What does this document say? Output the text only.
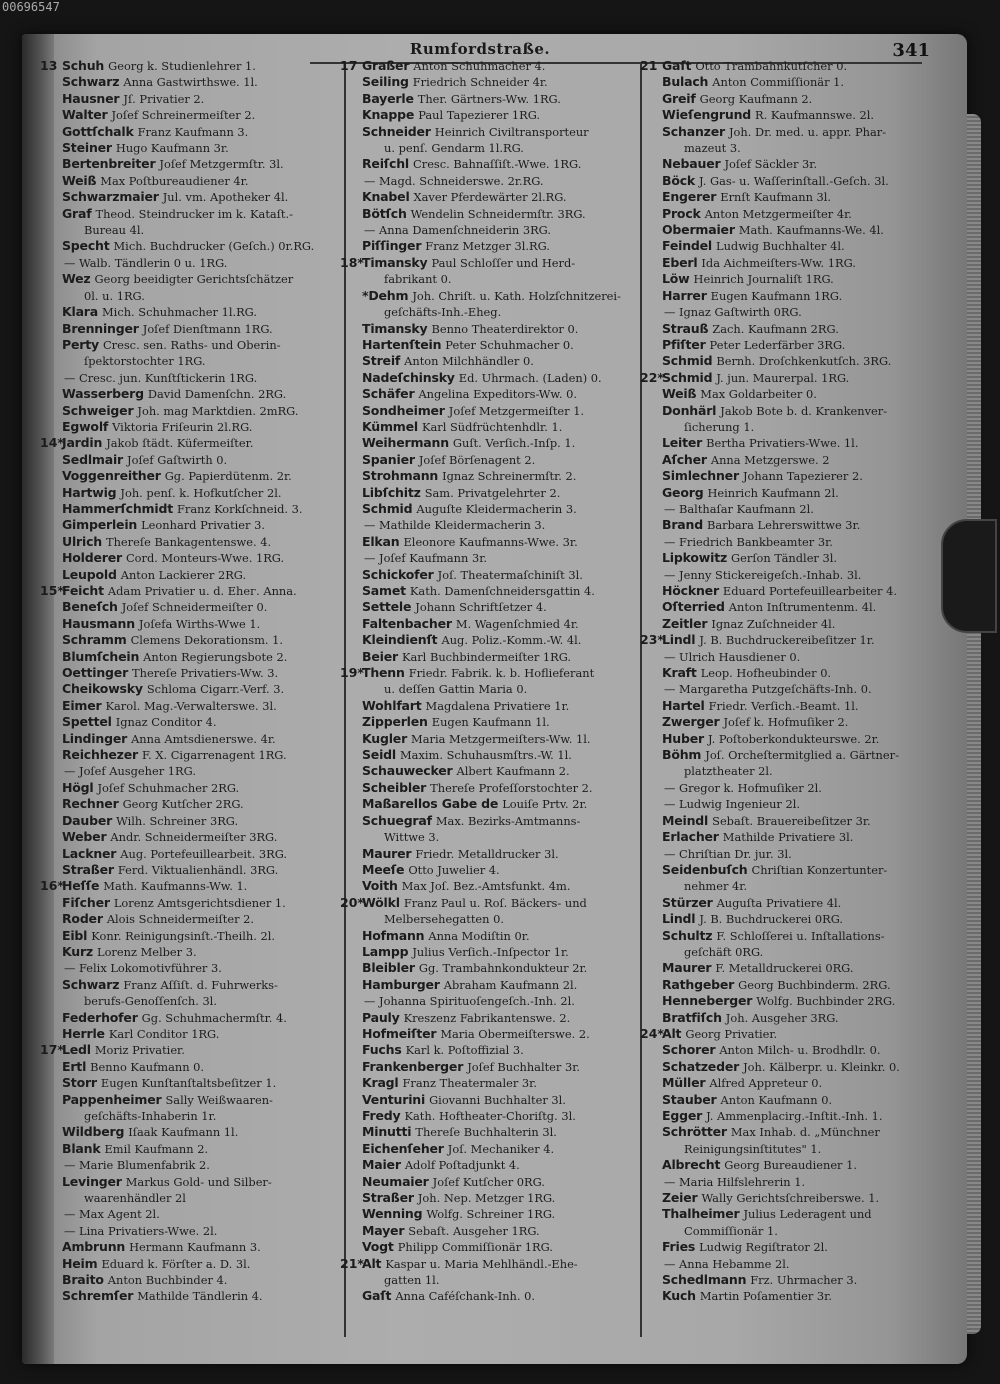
00696547
Rumfordstraße.	341
13 Schuh Georg k. Studienlehrer 1.
Schwarz Anna Gastwirthswe. 1l.
Hausner Jſ. Privatier 2.
Walter Joſef Schreinermeiſter 2.
Gottſchalk Franz Kaufmann 3.
Steiner Hugo Kaufmann 3r.
Bertenbreiter Joſef Metzgermſtr. 3l.
Weiß Max Poſtbureaudiener 4r.
Schwarzmaier Jul. vm. Apotheker 4l.
Graf Theod. Steindrucker im k. Kataſt.-
Bureau 4l.
Specht Mich. Buchdrucker (Geſch.) 0r.RG.
— Walb. Tändlerin 0 u. 1RG.
Wez Georg beeidigter Gerichtsſchätzer
0l. u. 1RG.
Klara Mich. Schuhmacher 1l.RG.
Brenninger Joſef Dienſtmann 1RG.
Perty Cresc. sen. Raths- und Oberin-
ſpektorstochter 1RG.
— Cresc. jun. Kunſtſtickerin 1RG.
Wasserberg David Damenſchn. 2RG.
Schweiger Joh. mag Marktdien. 2mRG.
Egwolf Viktoria Friſeurin 2l.RG.
14*Jardin Jakob ſtädt. Küfermeiſter.
Sedlmair Joſef Gaſtwirth 0.
Voggenreither Gg. Papierdütenm. 2r.
Hartwig Joh. penſ. k. Hofkutſcher 2l.
Hammerſchmidt Franz Korkſchneid. 3.
Gimperlein Leonhard Privatier 3.
Ulrich Thereſe Bankagentenswe. 4.
Holderer Cord. Monteurs-Wwe. 1RG.
Leupold Anton Lackierer 2RG.
15*Feicht Adam Privatier u. d. Ehег. Anna.
Beneſch Joſef Schneidermeiſter 0.
Hausmann Joſefa Wirths-Wwe 1.
Schramm Clemens Dekorationsm. 1.
Blumſchein Anton Regierungsbote 2.
Oettinger Thereſe Privatiers-Ww. 3.
Cheikowsky Schloma Cigarr.-Verf. 3.
Eimer Karol. Mag.-Verwalterswe. 3l.
Spettel Ignaz Conditor 4.
Lindinger Anna Amtsdienerswe. 4r.
Reichhezer F. X. Cigarrenagent 1RG.
— Joſef Ausgeher 1RG.
Högl Joſef Schuhmacher 2RG.
Rechner Georg Kutſcher 2RG.
Dauber Wilh. Schreiner 3RG.
Weber Andr. Schneidermeiſter 3RG.
Lackner Aug. Portefeuillearbeit. 3RG.
Straßer Ferd. Viktualienhändl. 3RG.
16*Heſſe Math. Kaufmanns-Ww. 1.
Fiſcher Lorenz Amtsgerichtsdiener 1.
Roder Alois Schneidermeiſter 2.
Eibl Konr. Reinigungsinſt.-Theilh. 2l.
Kurz Lorenz Melber 3.
— Felix Lokomotivführer 3.
Schwarz Franz Aſſiſt. d. Fuhrwerks-
berufs-Genoſſenſch. 3l.
Federhofer Gg. Schuhmachermſtr. 4.
Herrle Karl Conditor 1RG.
17*Ledl Moriz Privatier.
Ertl Benno Kaufmann 0.
Storr Eugen Kunſtanſtaltsbeſitzer 1.
Pappenheimer Sally Weißwaaren-
geſchäfts-Inhaberin 1r.
Wildberg Iſaak Kaufmann 1l.
Blank Emil Kaufmann 2.
— Marie Blumenfabrik 2.
Levinger Markus Gold- und Silber-
waarenhändler 2l
— Max Agent 2l.
— Lina Privatiers-Wwe. 2l.
Ambrunn Hermann Kaufmann 3.
Heim Eduard k. Förſter a. D. 3l.
Braito Anton Buchbinder 4.
Schremſer Mathilde Tändlerin 4.
17 Graßer Anton Schuhmacher 4.
Seiling Friedrich Schneider 4r.
Bayerle Ther. Gärtners-Ww. 1RG.
Knappe Paul Tapezierer 1RG.
Schneider Heinrich Civiltransporteur
u. penſ. Gendarm 1l.RG.
Reiſchl Cresc. Bahnaſſiſt.-Wwe. 1RG.
— Magd. Schneiderswe. 2r.RG.
Knabel Xaver Pferdewärter 2l.RG.
Bötſch Wendelin Schneidermſtr. 3RG.
— Anna Damenſchneiderin 3RG.
Piſſinger Franz Metzger 3l.RG.
18*Timansky Paul Schloſſer und Herd-
fabrikant 0.
*Dehm Joh. Chriſt. u. Kath. Holzſchnitzerei-
geſchäfts-Inh.-Eheg.
Timansky Benno Theaterdirektor 0.
Hartenſtein Peter Schuhmacher 0.
Streif Anton Milchhändler 0.
Nadeſchinsky Ed. Uhrmach. (Laden) 0.
Schäfer Angelina Expeditors-Ww. 0.
Sondheimer Joſef Metzgermeiſter 1.
Kümmel Karl Südfrüchtenhdlr. 1.
Weihermann Guſt. Verſich.-Inſp. 1.
Spanier Joſef Börſenagent 2.
Strohmann Ignaz Schreinermſtr. 2.
Libſchitz Sam. Privatgelehrter 2.
Schmid Auguſte Kleidermacherin 3.
— Mathilde Kleidermacherin 3.
Elkan Eleonore Kaufmanns-Wwe. 3r.
— Joſef Kaufmann 3r.
Schickofer Joſ. Theatermaſchiniſt 3l.
Samet Kath. Damenſchneidersgattin 4.
Settele Johann Schriftſetzer 4.
Faltenbacher M. Wagenſchmied 4r.
Kleindienſt Aug. Poliz.-Komm.-W. 4l.
Beier Karl Buchbindermeiſter 1RG.
19*Thenn Friedr. Fabrik. k. b. Hoflieferant
u. deſſen Gattin Maria 0.
Wohlfart Magdalena Privatiere 1r.
Zipperlen Eugen Kaufmann 1l.
Kugler Maria Metzgermeiſters-Ww. 1l.
Seidl Maxim. Schuhausmſtrs.-W. 1l.
Schauwecker Albert Kaufmann 2.
Scheibler Thereſe Profeſſorstochter 2.
Maßarellos Gabe de Louiſe Prtv. 2r.
Schuegraf Max. Bezirks-Amtmanns-
Wittwe 3.
Maurer Friedr. Metalldrucker 3l.
Meeſe Otto Juwelier 4.
Voith Max Joſ. Bez.-Amtsfunkt. 4m.
20*Wölkl Franz Paul u. Roſ. Bäckers- und
Melbersehegatten 0.
Hofmann Anna Modiſtin 0r.
Lampp Julius Verſich.-Inſpector 1r.
Bleibler Gg. Trambahnkondukteur 2r.
Hamburger Abraham Kaufmann 2l.
— Johanna Spirituoſengeſch.-Inh. 2l.
Pauly Kreszenz Fabrikantenswe. 2.
Hofmeiſter Maria Obermeiſterswe. 2.
Fuchs Karl k. Poſtoffizial 3.
Frankenberger Joſef Buchhalter 3r.
Kragl Franz Theatermaler 3r.
Venturini Giovanni Buchhalter 3l.
Fredy Kath. Hoftheater-Choriſtg. 3l.
Minutti Thereſe Buchhalterin 3l.
Eichenſeher Joſ. Mechaniker 4.
Maier Adolf Poſtadjunkt 4.
Neumaier Joſef Kutſcher 0RG.
Straßer Joh. Nep. Metzger 1RG.
Wenning Wolfg. Schreiner 1RG.
Mayer Sebaſt. Ausgeher 1RG.
Vogt Philipp Commiſſionär 1RG.
21*Alt Kaspar u. Maria Mehlhändl.-Ehe-
gatten 1l.
Gaſt Anna Caféſchank-Inh. 0.
21 Gaſt Otto Trambahnkutſcher 0.
Bulach Anton Commiſſionär 1.
Greif Georg Kaufmann 2.
Wieſengrund R. Kaufmannswe. 2l.
Schanzer Joh. Dr. med. u. appr. Phar-
mazeut 3.
Nebauer Joſef Säckler 3r.
Böck J. Gas- u. Waſſerinſtall.-Geſch. 3l.
Engerer Ernſt Kaufmann 3l.
Prock Anton Metzgermeiſter 4r.
Obermaier Math. Kaufmanns-We. 4l.
Feindel Ludwig Buchhalter 4l.
Eberl Ida Aichmeiſters-Ww. 1RG.
Löw Heinrich Journaliſt 1RG.
Harrer Eugen Kaufmann 1RG.
— Ignaz Gaſtwirth 0RG.
Strauß Zach. Kaufmann 2RG.
Pfiſter Peter Lederfärber 3RG.
Schmid Bernh. Droſchkenkutſch. 3RG.
22*Schmid J. jun. Maurerpal. 1RG.
Weiß Max Goldarbeiter 0.
Donhärl Jakob Bote b. d. Krankenver-
ſicherung 1.
Leiter Bertha Privatiers-Wwe. 1l.
Aſcher Anna Metzgerswe. 2
Simlechner Johann Tapezierer 2.
Georg Heinrich Kaufmann 2l.
— Balthaſar Kaufmann 2l.
Brand Barbara Lehrerswittwe 3r.
— Friedrich Bankbeamter 3r.
Lipkowitz Gerſon Tändler 3l.
— Jenny Stickereigeſch.-Inhab. 3l.
Höckner Eduard Portefeuillearbeiter 4.
Oſterried Anton Inſtrumentenm. 4l.
Zeitler Ignaz Zuſchneider 4l.
23*Lindl J. B. Buchdruckereibeſitzer 1r.
— Ulrich Hausdiener 0.
Kraft Leop. Hofheubinder 0.
— Margaretha Putzgeſchäfts-Inh. 0.
Hartel Friedr. Verſich.-Beamt. 1l.
Zwerger Joſef k. Hofmuſiker 2.
Huber J. Poſtoberkondukteurswe. 2r.
Böhm Joſ. Orcheſtermitglied a. Gärtner-
platztheater 2l.
— Gregor k. Hofmuſiker 2l.
— Ludwig Ingenieur 2l.
Meindl Sebaſt. Brauereibeſitzer 3r.
Erlacher Mathilde Privatiere 3l.
— Chriſtian Dr. jur. 3l.
Seidenbuſch Chriſtian Konzertunter-
nehmer 4r.
Stürzer Auguſta Privatiere 4l.
Lindl J. B. Buchdruckerei 0RG.
Schultz F. Schloſſerei u. Inſtallations-
geſchäft 0RG.
Maurer F. Metalldruckerei 0RG.
Rathgeber Georg Buchbinderm. 2RG.
Henneberger Wolfg. Buchbinder 2RG.
Bratfiſch Joh. Ausgeher 3RG.
24*Alt Georg Privatier.
Schorer Anton Milch- u. Brodhdlr. 0.
Schatzeder Joh. Kälberpr. u. Kleinkr. 0.
Müller Alfred Appreteur 0.
Stauber Anton Kaufmann 0.
Egger J. Ammenplacirg.-Inſtit.-Inh. 1.
Schrötter Max Inhab. d. „Münchner
Reinigungsinſtitutes" 1.
Albrecht Georg Bureaudiener 1.
— Maria Hilfslehrerin 1.
Zeier Wally Gerichtsſchreiberswe. 1.
Thalheimer Julius Lederagent und
Commiſſionär 1.
Fries Ludwig Regiſtrator 2l.
— Anna Hebamme 2l.
Schedlmann Frz. Uhrmacher 3.
Kuch Martin Poſamentier 3r.
